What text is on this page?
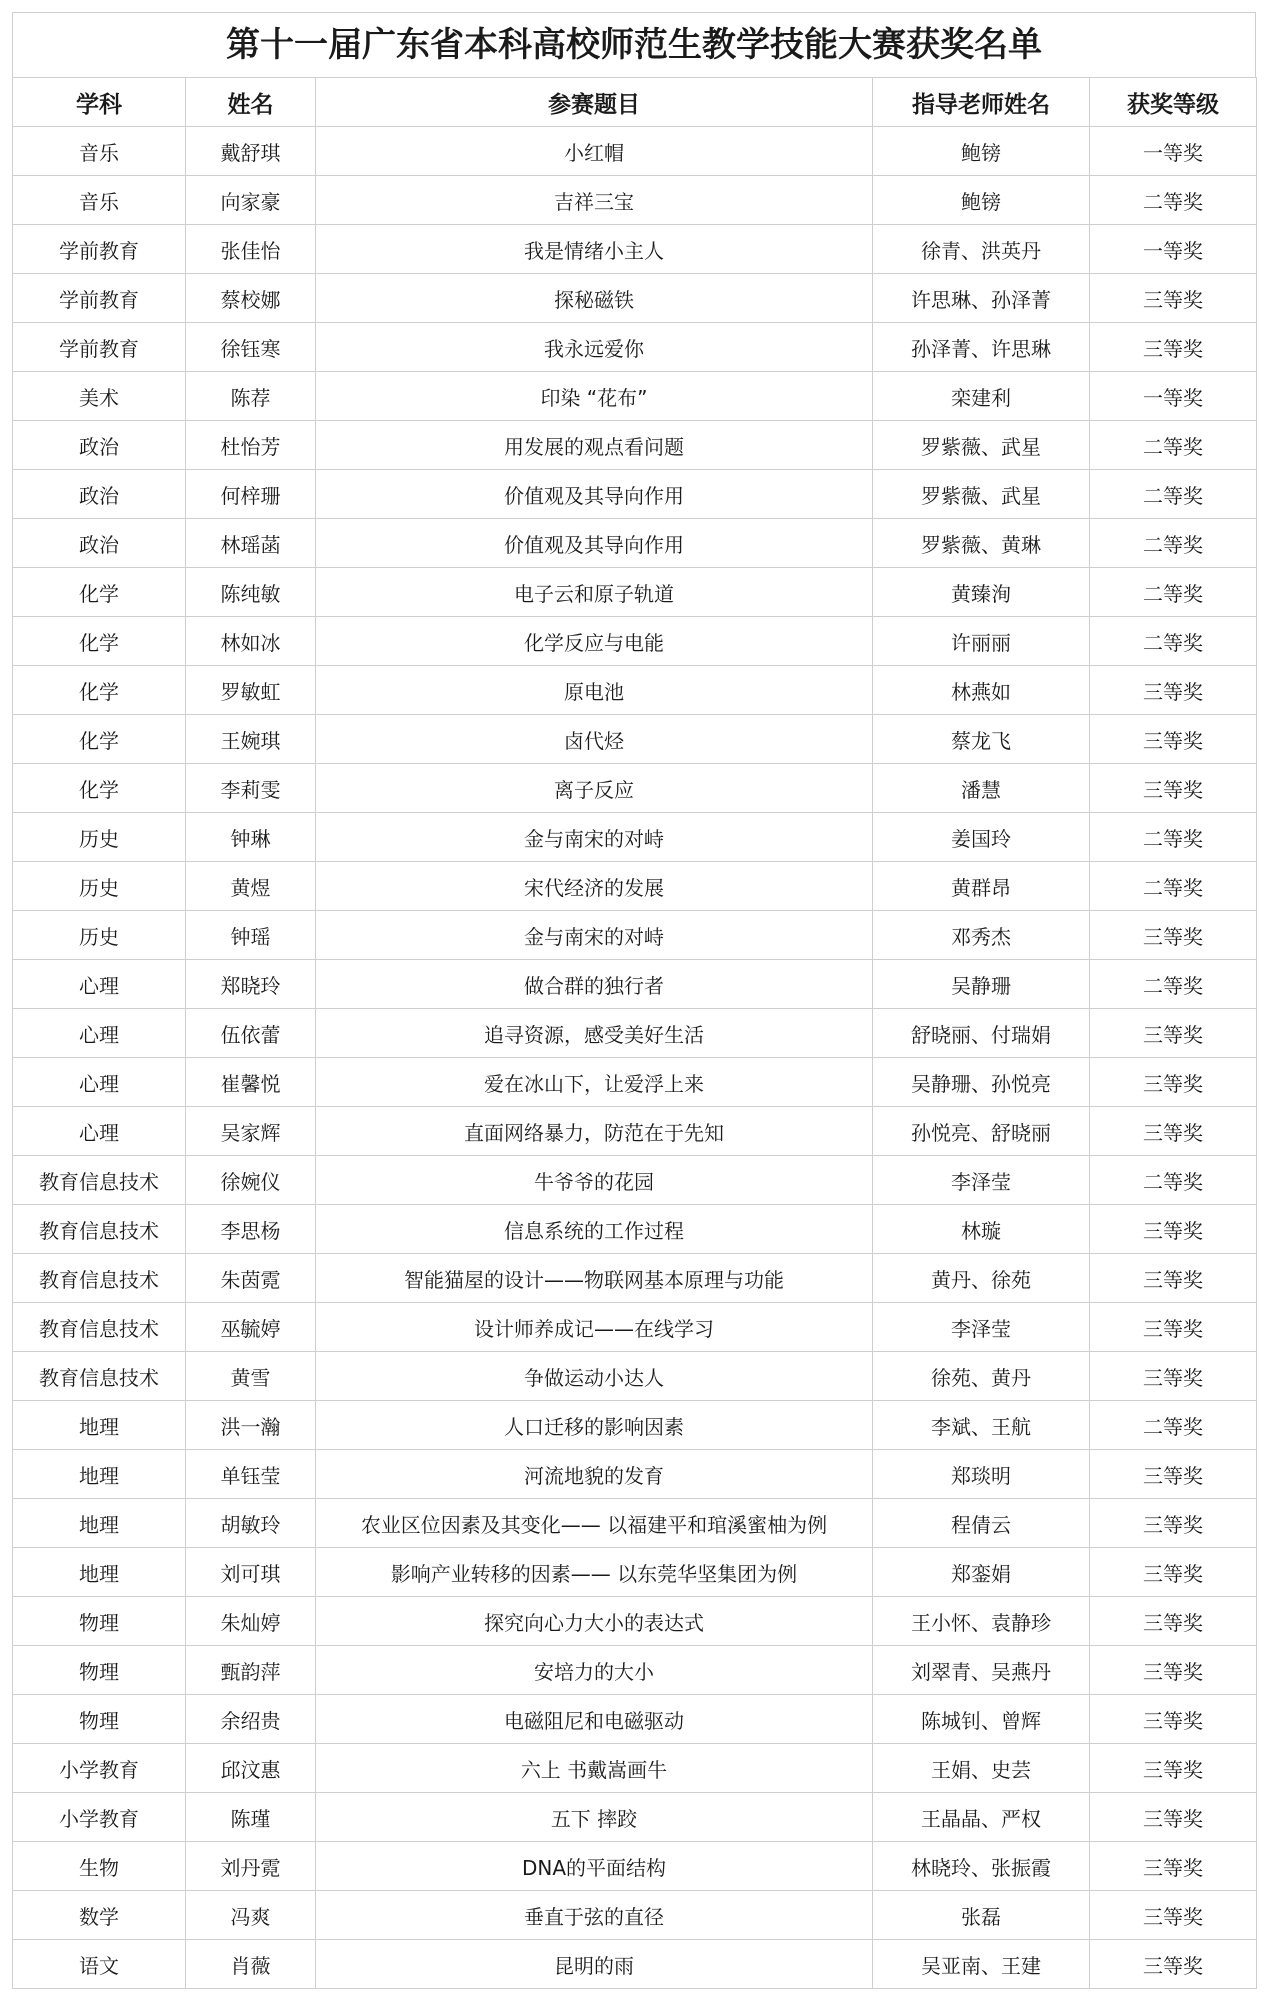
第十一届广东省本科高校师范生教学技能大赛获奖名单
学科	姓名	参赛题目	指导老师姓名	获奖等级
音乐	戴舒琪	小红帽	鲍镑	一等奖
音乐	向家豪	吉祥三宝	鲍镑	二等奖
学前教育	张佳怡	我是情绪小主人	徐青、洪英丹	一等奖
学前教育	蔡校娜	探秘磁铁	许思琳、孙泽菁	三等奖
学前教育	徐钰寒	我永远爱你	孙泽菁、许思琳	三等奖
美术	陈荐	印染 “花布”	栾建利	一等奖
政治	杜怡芳	用发展的观点看问题	罗紫薇、武星	二等奖
政治	何梓珊	价值观及其导向作用	罗紫薇、武星	二等奖
政治	林瑶菡	价值观及其导向作用	罗紫薇、黄琳	二等奖
化学	陈纯敏	电子云和原子轨道	黄臻洵	二等奖
化学	林如冰	化学反应与电能	许丽丽	二等奖
化学	罗敏虹	原电池	林燕如	三等奖
化学	王婉琪	卤代烃	蔡龙飞	三等奖
化学	李莉雯	离子反应	潘慧	三等奖
历史	钟琳	金与南宋的对峙	姜国玲	二等奖
历史	黄煜	宋代经济的发展	黄群昂	二等奖
历史	钟瑶	金与南宋的对峙	邓秀杰	三等奖
心理	郑晓玲	做合群的独行者	吴静珊	二等奖
心理	伍依蕾	追寻资源，感受美好生活	舒晓丽、付瑞娟	三等奖
心理	崔馨悦	爱在冰山下，让爱浮上来	吴静珊、孙悦亮	三等奖
心理	吴家辉	直面网络暴力，防范在于先知	孙悦亮、舒晓丽	三等奖
教育信息技术	徐婉仪	牛爷爷的花园	李泽莹	二等奖
教育信息技术	李思杨	信息系统的工作过程	林璇	三等奖
教育信息技术	朱茵霓	智能猫屋的设计——物联网基本原理与功能	黄丹、徐苑	三等奖
教育信息技术	巫毓婷	设计师养成记——在线学习	李泽莹	三等奖
教育信息技术	黄雪	争做运动小达人	徐苑、黄丹	三等奖
地理	洪一瀚	人口迁移的影响因素	李斌、王航	二等奖
地理	单钰莹	河流地貌的发育	郑琰明	三等奖
地理	胡敏玲	农业区位因素及其变化—— 以福建平和琯溪蜜柚为例	程倩云	三等奖
地理	刘可琪	影响产业转移的因素—— 以东莞华坚集团为例	郑銮娟	三等奖
物理	朱灿婷	探究向心力大小的表达式	王小怀、袁静珍	三等奖
物理	甄韵萍	安培力的大小	刘翠青、吴燕丹	三等奖
物理	余绍贵	电磁阻尼和电磁驱动	陈城钊、曾辉	三等奖
小学教育	邱汶惠	六上 书戴嵩画牛	王娟、史芸	三等奖
小学教育	陈瑾	五下 摔跤	王晶晶、严权	三等奖
生物	刘丹霓	DNA的平面结构	林晓玲、张振霞	三等奖
数学	冯爽	垂直于弦的直径	张磊	三等奖
语文	肖薇	昆明的雨	吴亚南、王建	三等奖
